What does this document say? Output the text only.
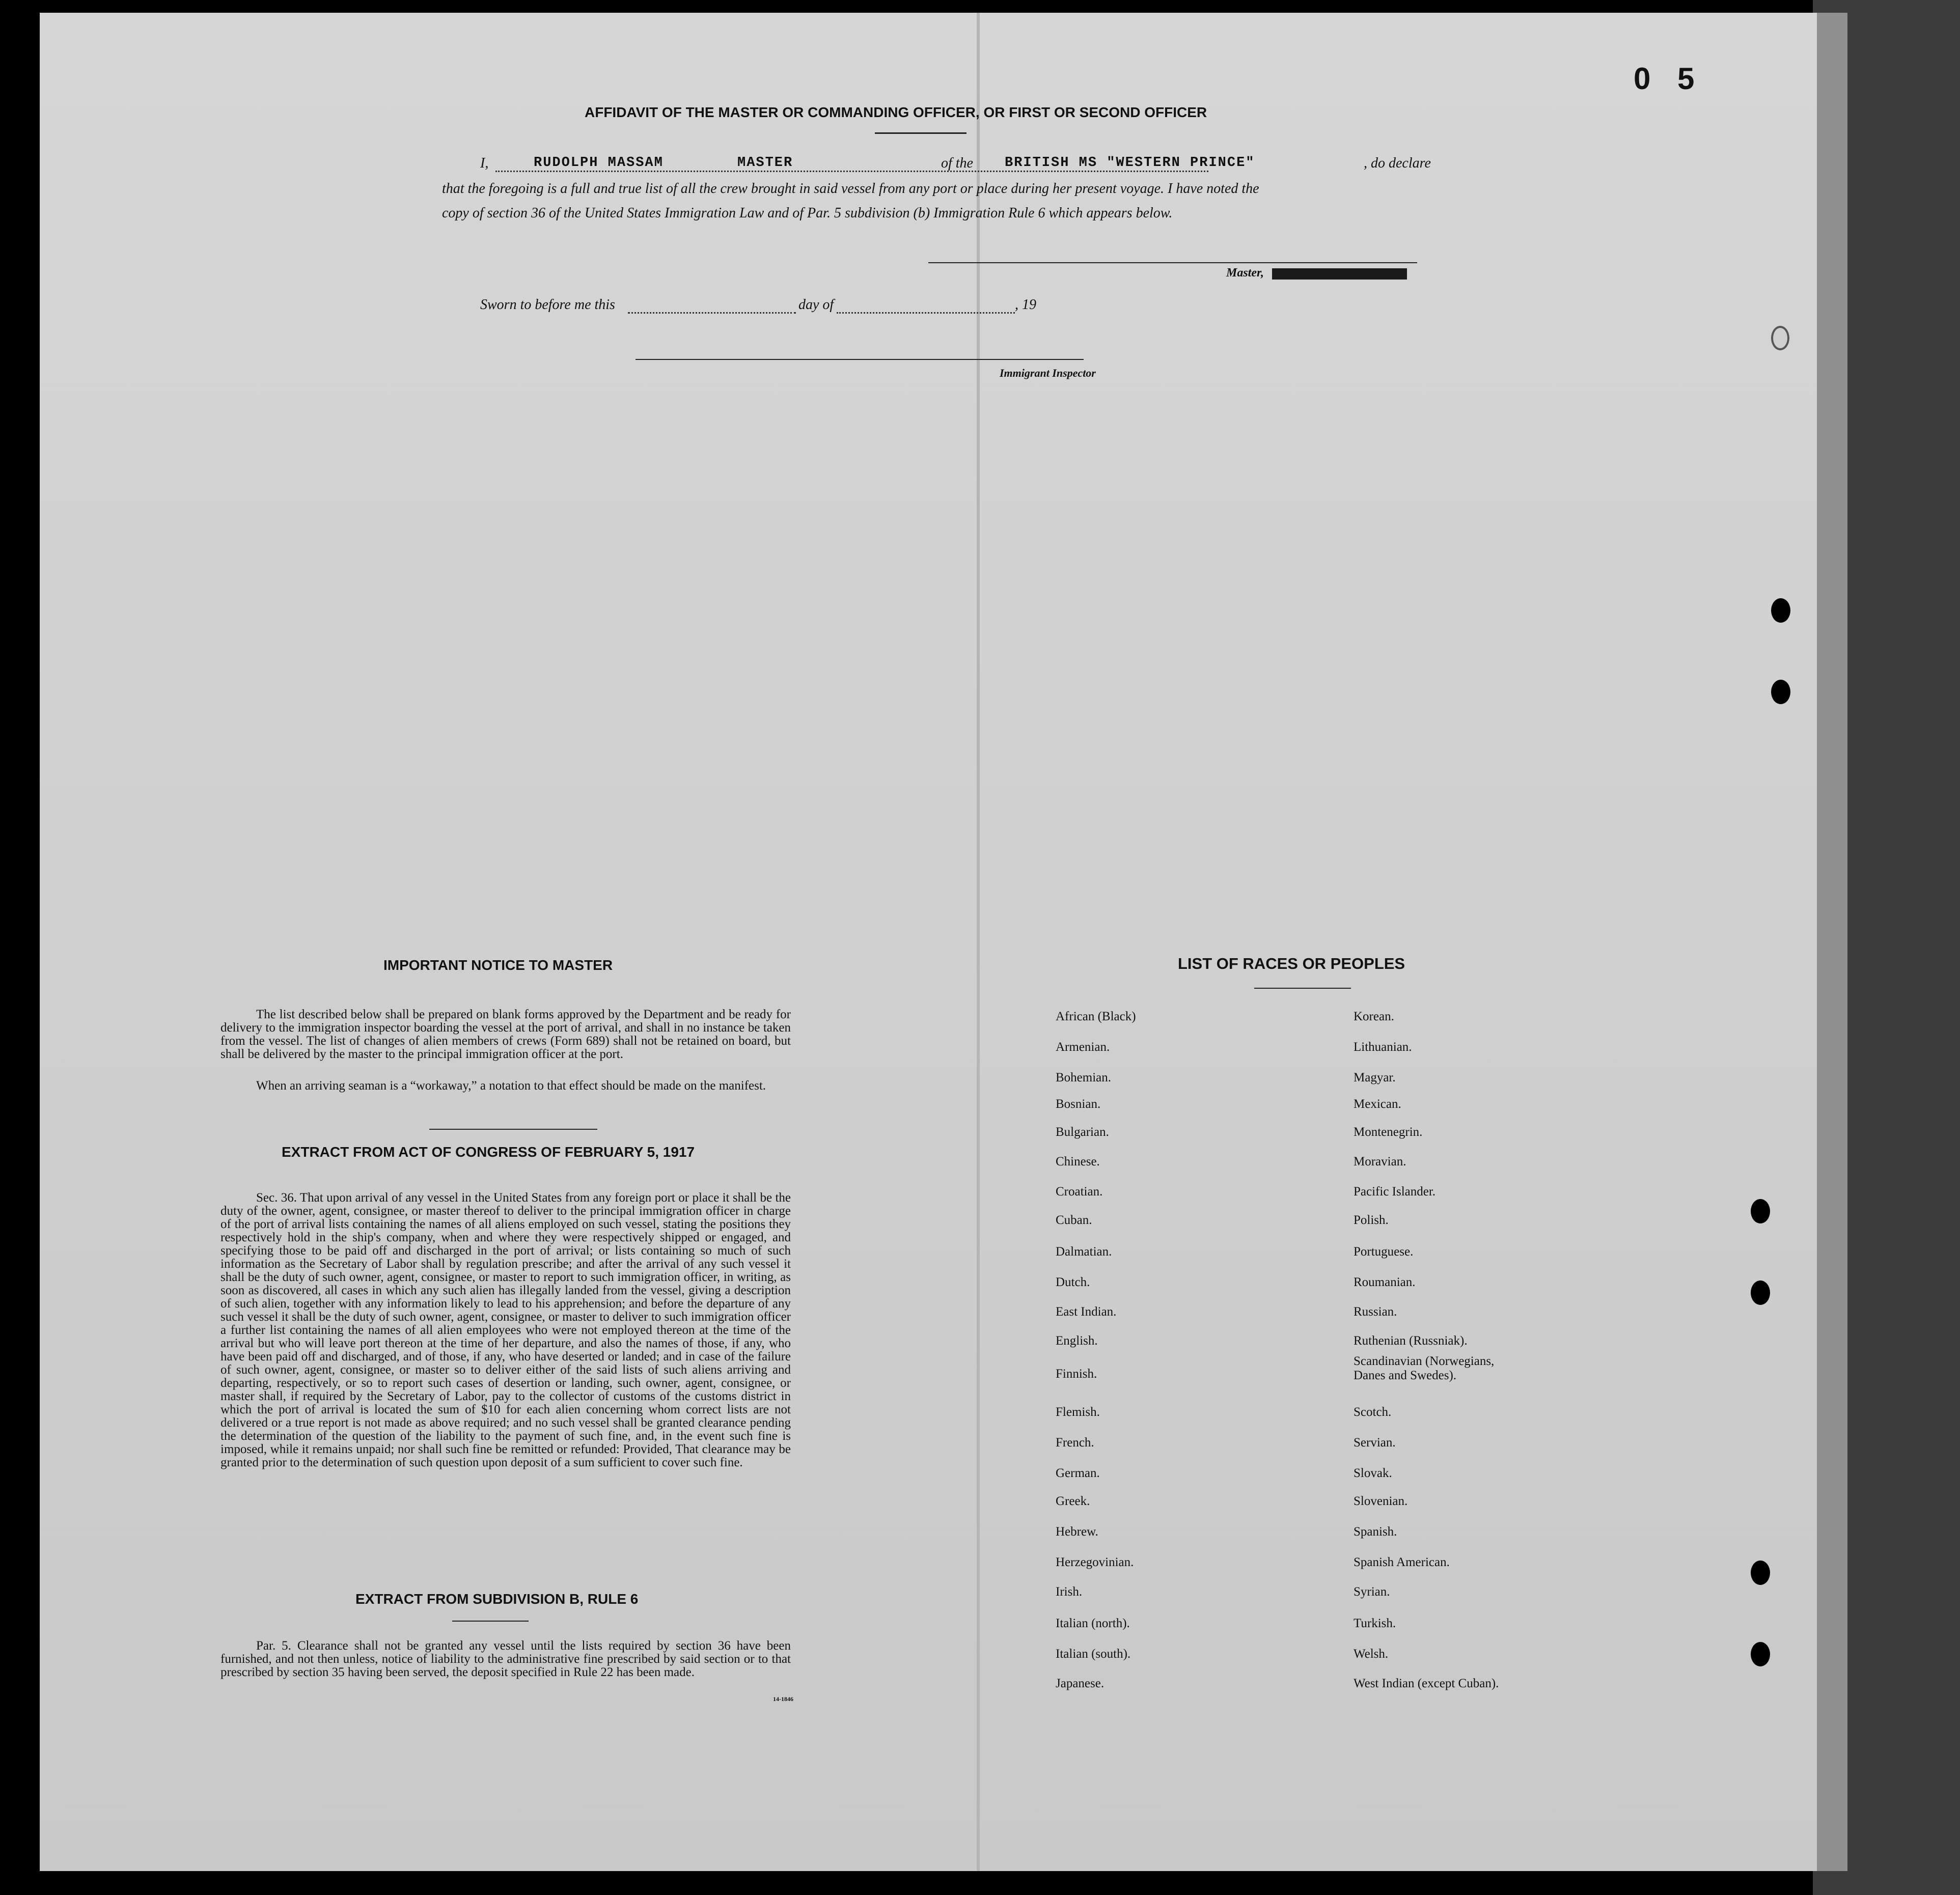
0 5
AFFIDAVIT OF THE MASTER OR COMMANDING OFFICER, OR FIRST OR SECOND OFFICER
I,	RUDOLPH MASSAM	MASTER	of the BRITISH MS "WESTERN PRINCE"	, do declare
that the foregoing is a full and true list of all the crew brought in said vessel from any port or place during her present voyage. I have noted the
copy of section 36 of the United States Immigration Law and of Par. 5 subdivision (b) Immigration Rule 6 which appears below.
Master,
Sworn to before me this	day of	, 19
Immigrant Inspector
IMPORTANT NOTICE TO MASTER
The list described below shall be prepared on blank forms approved by the Department and be ready for delivery to the immigration inspector boarding the vessel at the port of arrival, and shall in no instance be taken from the vessel. The list of changes of alien members of crews (Form 689) shall not be retained on board, but shall be delivered by the master to the principal immigration officer at the port.
When an arriving seaman is a “workaway,” a notation to that effect should be made on the manifest.
EXTRACT FROM ACT OF CONGRESS OF FEBRUARY 5, 1917
Sec. 36. That upon arrival of any vessel in the United States from any foreign port or place it shall be the duty of the owner, agent, consignee, or master thereof to deliver to the principal immigration officer in charge of the port of arrival lists containing the names of all aliens employed on such vessel, stating the positions they respectively hold in the ship's company, when and where they were respectively shipped or engaged, and specifying those to be paid off and discharged in the port of arrival; or lists containing so much of such information as the Secretary of Labor shall by regulation prescribe; and after the arrival of any such vessel it shall be the duty of such owner, agent, consignee, or master to report to such immigration officer, in writing, as soon as discovered, all cases in which any such alien has illegally landed from the vessel, giving a description of such alien, together with any information likely to lead to his apprehension; and before the departure of any such vessel it shall be the duty of such owner, agent, consignee, or master to deliver to such immigration officer a further list containing the names of all alien employees who were not employed thereon at the time of the arrival but who will leave port thereon at the time of her departure, and also the names of those, if any, who have been paid off and discharged, and of those, if any, who have deserted or landed; and in case of the failure of such owner, agent, consignee, or master so to deliver either of the said lists of such aliens arriving and departing, respectively, or so to report such cases of desertion or landing, such owner, agent, consignee, or master shall, if required by the Secretary of Labor, pay to the collector of customs of the customs district in which the port of arrival is located the sum of $10 for each alien concerning whom correct lists are not delivered or a true report is not made as above required; and no such vessel shall be granted clearance pending the determination of the question of the liability to the payment of such fine, and, in the event such fine is imposed, while it remains unpaid; nor shall such fine be remitted or refunded: Provided, That clearance may be granted prior to the determination of such question upon deposit of a sum sufficient to cover such fine.
EXTRACT FROM SUBDIVISION B, RULE 6
Par. 5. Clearance shall not be granted any vessel until the lists required by section 36 have been furnished, and not then unless, notice of liability to the administrative fine prescribed by said section or to that prescribed by section 35 having been served, the deposit specified in Rule 22 has been made.
14-1846
LIST OF RACES OR PEOPLES
African (Black)
Armenian.
Bohemian.
Bosnian.
Bulgarian.
Chinese.
Croatian.
Cuban.
Dalmatian.
Dutch.
East Indian.
English.
Finnish.
Flemish.
French.
German.
Greek.
Hebrew.
Herzegovinian.
Irish.
Italian (north).
Italian (south).
Japanese.
Korean.
Lithuanian.
Magyar.
Mexican.
Montenegrin.
Moravian.
Pacific Islander.
Polish.
Portuguese.
Roumanian.
Russian.
Ruthenian (Russniak).
Scandinavian (Norwegians,
Danes and Swedes).
Scotch.
Servian.
Slovak.
Slovenian.
Spanish.
Spanish American.
Syrian.
Turkish.
Welsh.
West Indian (except Cuban).
